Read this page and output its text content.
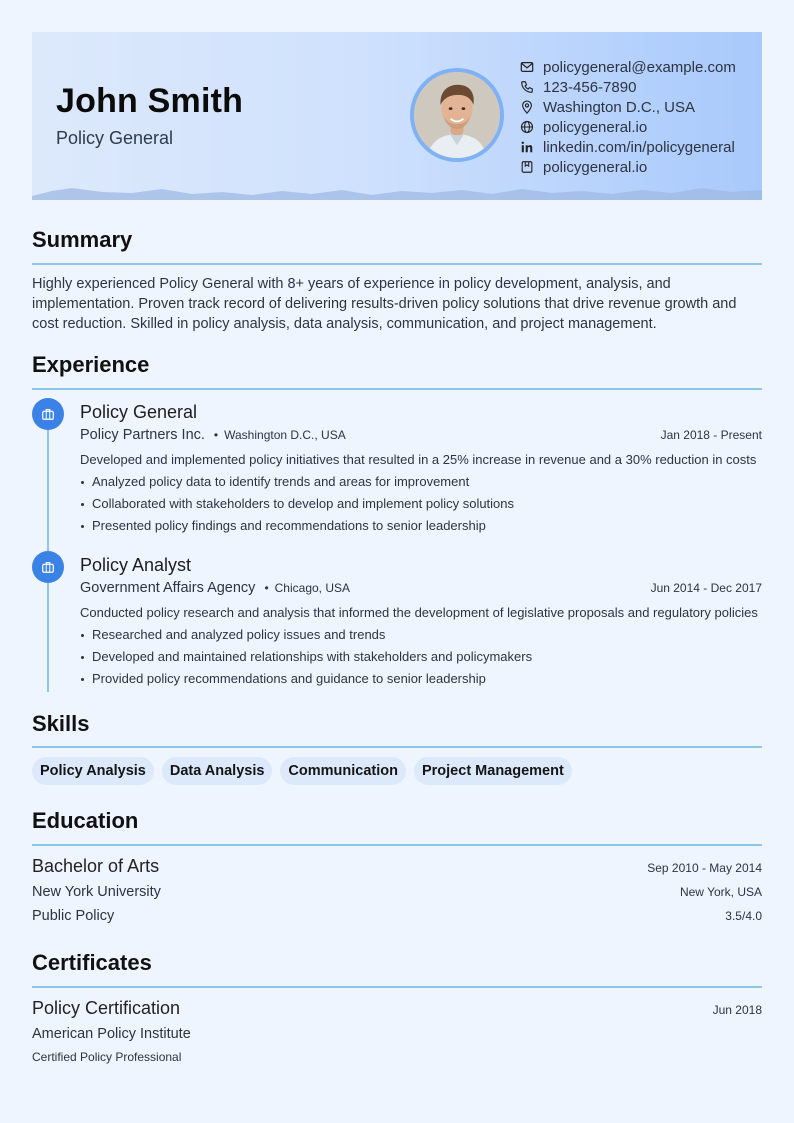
John Smith
Policy General
policygeneral@example.com
123-456-7890
Washington D.C., USA
policygeneral.io
linkedin.com/in/policygeneral
policygeneral.io
Summary
Highly experienced Policy General with 8+ years of experience in policy development, analysis, and implementation. Proven track record of delivering results-driven policy solutions that drive revenue growth and cost reduction. Skilled in policy analysis, data analysis, communication, and project management.
Experience
Policy General
Policy Partners Inc. • Washington D.C., USA	Jan 2018 - Present
Developed and implemented policy initiatives that resulted in a 25% increase in revenue and a 30% reduction in costs
Analyzed policy data to identify trends and areas for improvement
Collaborated with stakeholders to develop and implement policy solutions
Presented policy findings and recommendations to senior leadership
Policy Analyst
Government Affairs Agency • Chicago, USA	Jun 2014 - Dec 2017
Conducted policy research and analysis that informed the development of legislative proposals and regulatory policies
Researched and analyzed policy issues and trends
Developed and maintained relationships with stakeholders and policymakers
Provided policy recommendations and guidance to senior leadership
Skills
Policy Analysis	Data Analysis	Communication	Project Management
Education
Bachelor of Arts	Sep 2010 - May 2014
New York University	New York, USA
Public Policy	3.5/4.0
Certificates
Policy Certification	Jun 2018
American Policy Institute
Certified Policy Professional
